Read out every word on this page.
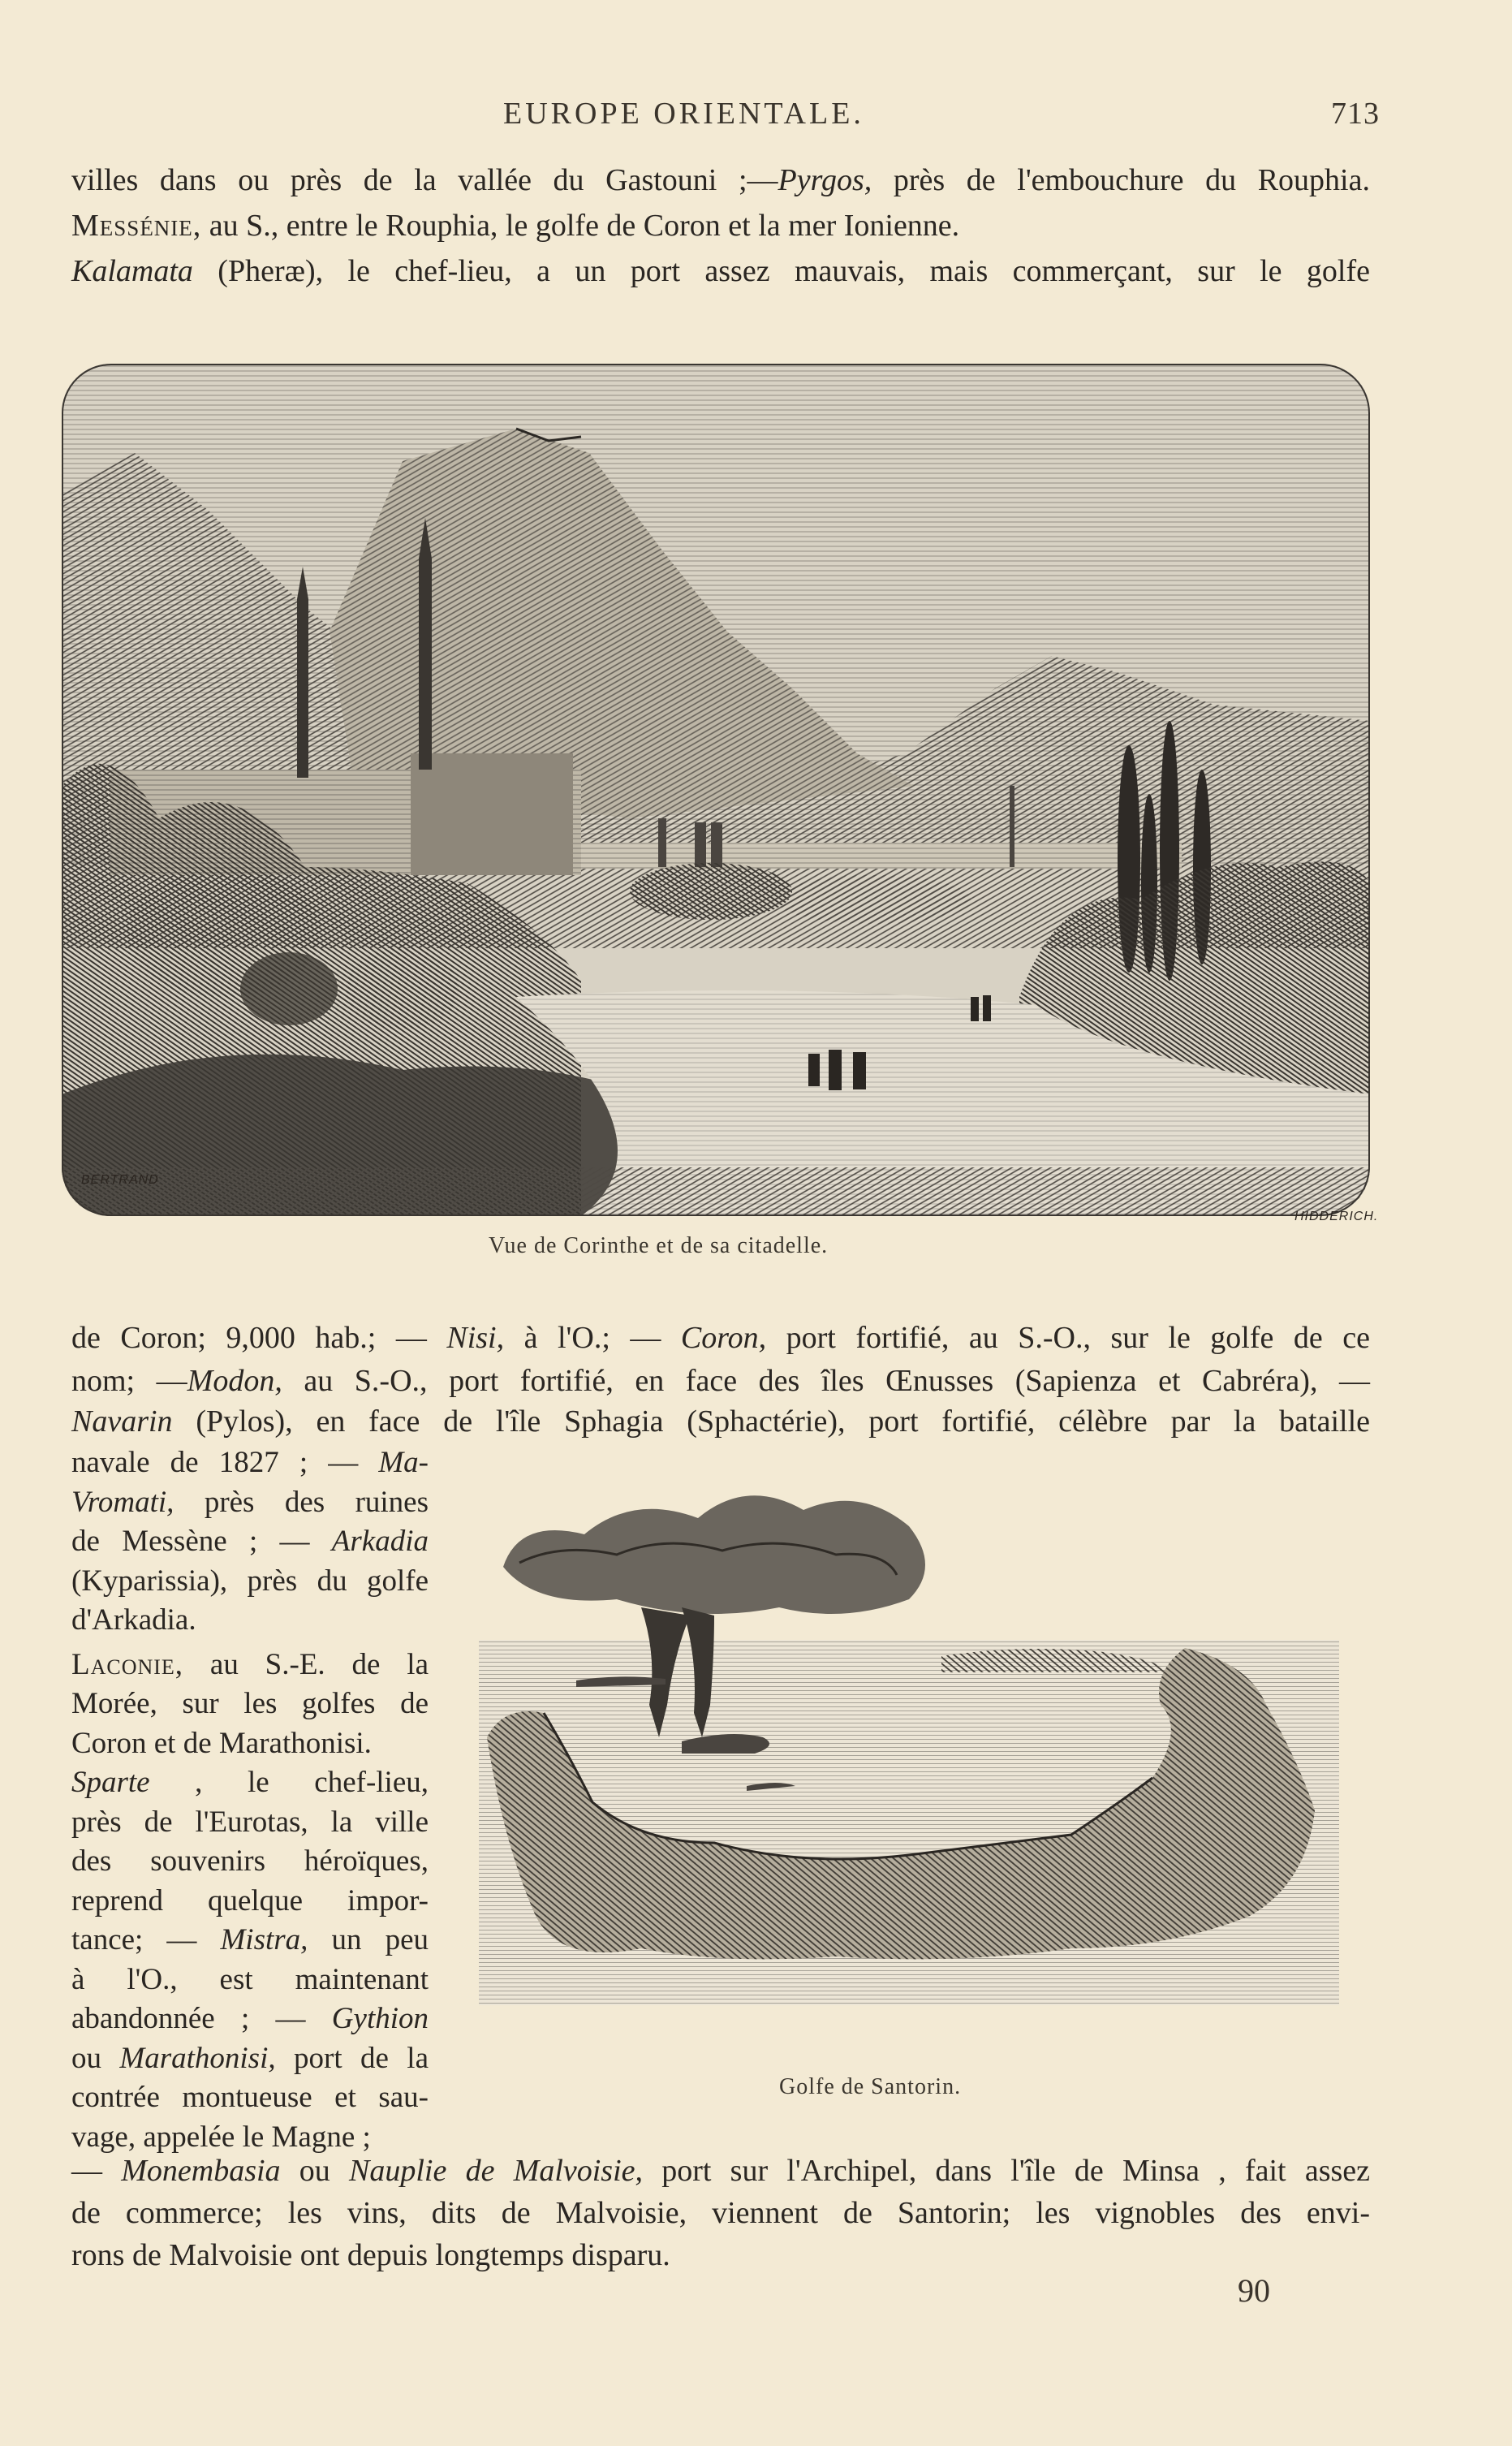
EUROPE ORIENTALE.	713
villes dans ou près de la vallée du Gastouni ;—Pyrgos, près de l'embouchure du Rouphia.
Messénie, au S., entre le Rouphia, le golfe de Coron et la mer Ionienne.
Kalamata (Pheræ), le chef-lieu, a un port assez mauvais, mais commerçant, sur le golfe
BERTRAND
HIDDERICH.
Vue de Corinthe et de sa citadelle.
de Coron; 9,000 hab.; — Nisi, à l'O.; — Coron, port fortifié, au S.-O., sur le golfe de ce
nom; —Modon, au S.-O., port fortifié, en face des îles Œnusses (Sapienza et Cabréra), —
Navarin (Pylos), en face de l'île Sphagia (Sphactérie), port fortifié, célèbre par la bataille
navale de 1827 ; — Ma-
Vromati, près des ruines
de Messène ; — Arkadia
(Kyparissia), près du golfe
d'Arkadia.
Laconie, au S.-E. de la
Morée, sur les golfes de
Coron et de Marathonisi.
Sparte , le chef-lieu,
près de l'Eurotas, la ville
des souvenirs héroïques,
reprend quelque impor-
tance; — Mistra, un peu
à l'O., est maintenant
abandonnée ; — Gythion
ou Marathonisi, port de la
contrée montueuse et sau-
vage, appelée le Magne ;
Golfe de Santorin.
— Monembasia ou Nauplie de Malvoisie, port sur l'Archipel, dans l'île de Minsa , fait assez
de commerce; les vins, dits de Malvoisie, viennent de Santorin; les vignobles des envi-
rons de Malvoisie ont depuis longtemps disparu.
90
